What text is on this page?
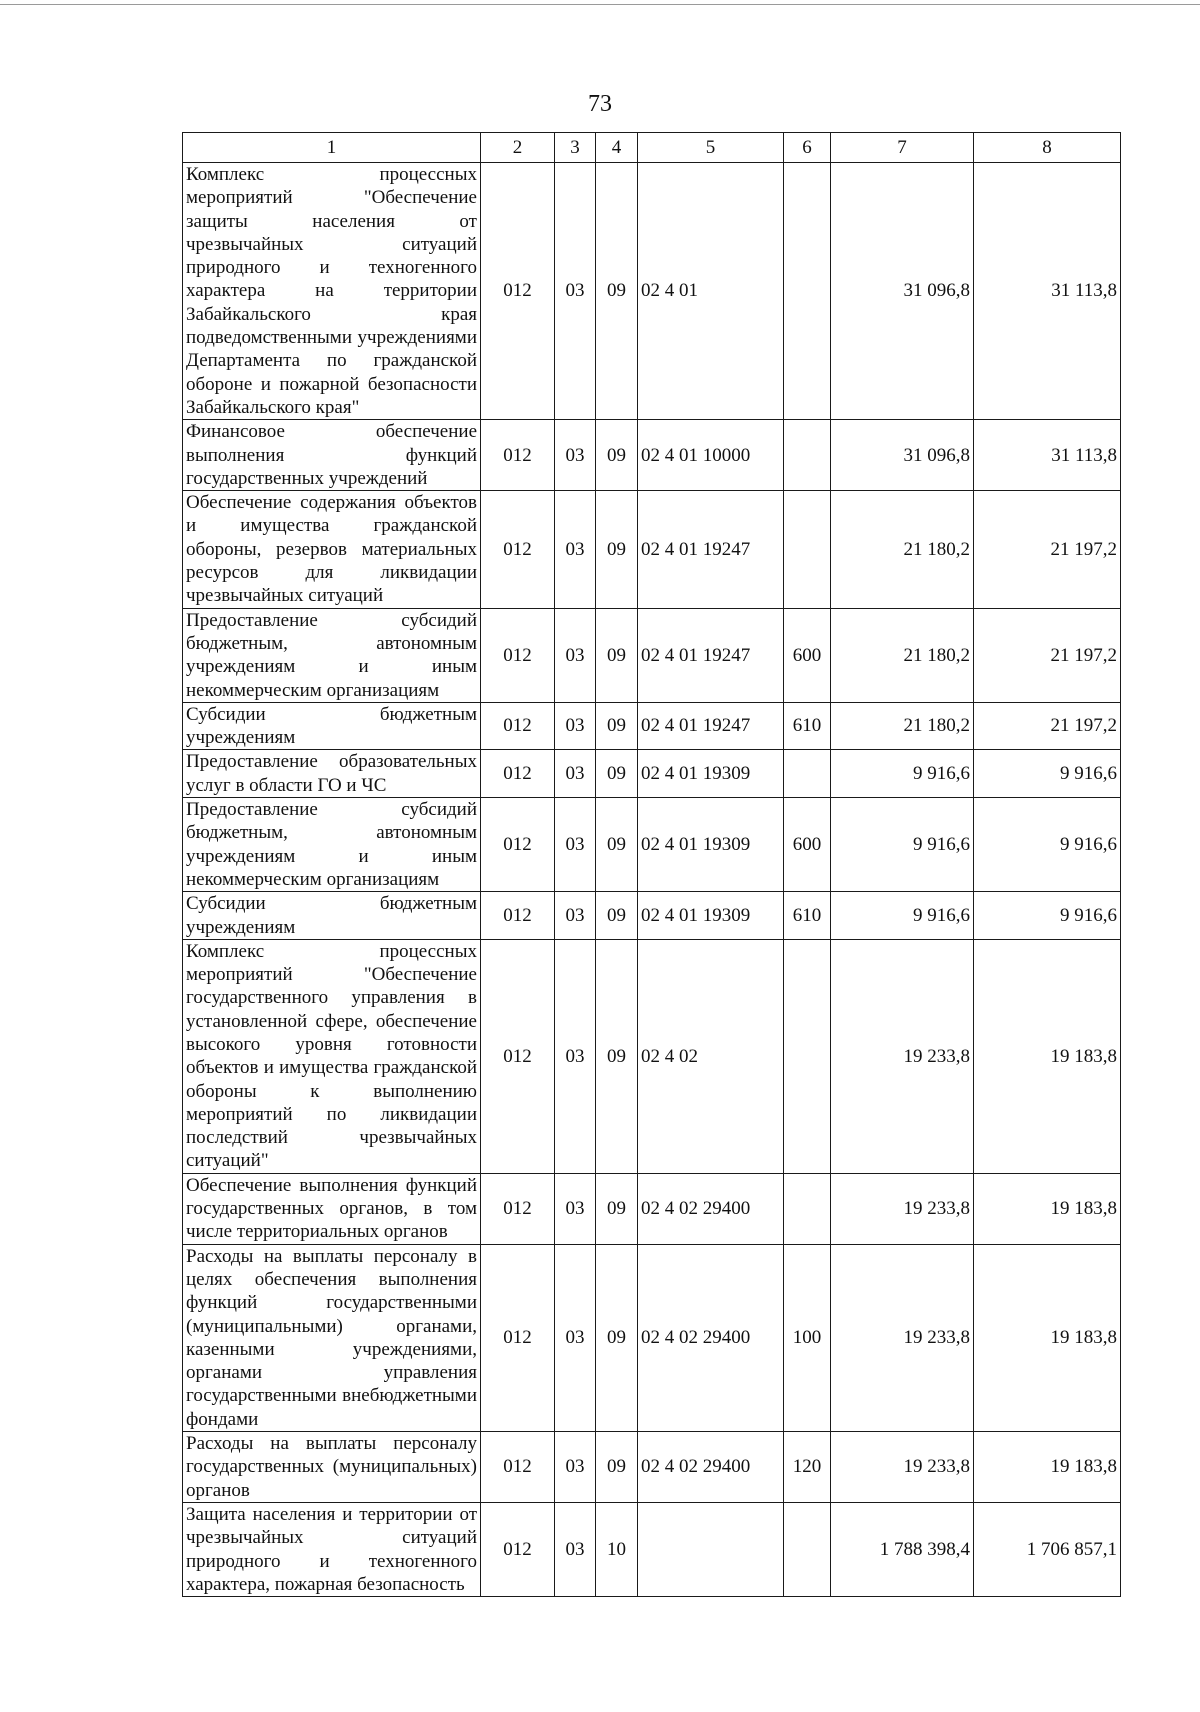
73
1	2	3	4	5	6	7	8
Комплекс процессных мероприятий "Обеспечение защиты населения от чрезвычайных ситуаций природного и техногенного характера на территории Забайкальского края подведомственными учреждениями Департамента по гражданской обороне и пожарной безопасности Забайкальского края"	012	03	09	02 4 01		31 096,8	31 113,8
Финансовое обеспечение выполнения функций государственных учреждений	012	03	09	02 4 01 10000		31 096,8	31 113,8
Обеспечение содержания объектов и имущества гражданской обороны, резервов материальных ресурсов для ликвидации чрезвычайных ситуаций	012	03	09	02 4 01 19247		21 180,2	21 197,2
Предоставление субсидий бюджетным, автономным учреждениям и иным некоммерческим организациям	012	03	09	02 4 01 19247	600	21 180,2	21 197,2
Субсидии бюджетным учреждениям	012	03	09	02 4 01 19247	610	21 180,2	21 197,2
Предоставление образовательных услуг в области ГО и ЧС	012	03	09	02 4 01 19309		9 916,6	9 916,6
Предоставление субсидий бюджетным, автономным учреждениям и иным некоммерческим организациям	012	03	09	02 4 01 19309	600	9 916,6	9 916,6
Субсидии бюджетным учреждениям	012	03	09	02 4 01 19309	610	9 916,6	9 916,6
Комплекс процессных мероприятий "Обеспечение государственного управления в установленной сфере, обеспечение высокого уровня готовности объектов и имущества гражданской обороны к выполнению мероприятий по ликвидации последствий чрезвычайных ситуаций"	012	03	09	02 4 02		19 233,8	19 183,8
Обеспечение выполнения функций государственных органов, в том числе территориальных органов	012	03	09	02 4 02 29400		19 233,8	19 183,8
Расходы на выплаты персоналу в целях обеспечения выполнения функций государственными (муниципальными) органами, казенными учреждениями, органами управления государственными внебюджетными фондами	012	03	09	02 4 02 29400	100	19 233,8	19 183,8
Расходы на выплаты персоналу государственных (муниципальных) органов	012	03	09	02 4 02 29400	120	19 233,8	19 183,8
Защита населения и территории от чрезвычайных ситуаций природного и техногенного характера, пожарная безопасность	012	03	10			1 788 398,4	1 706 857,1
